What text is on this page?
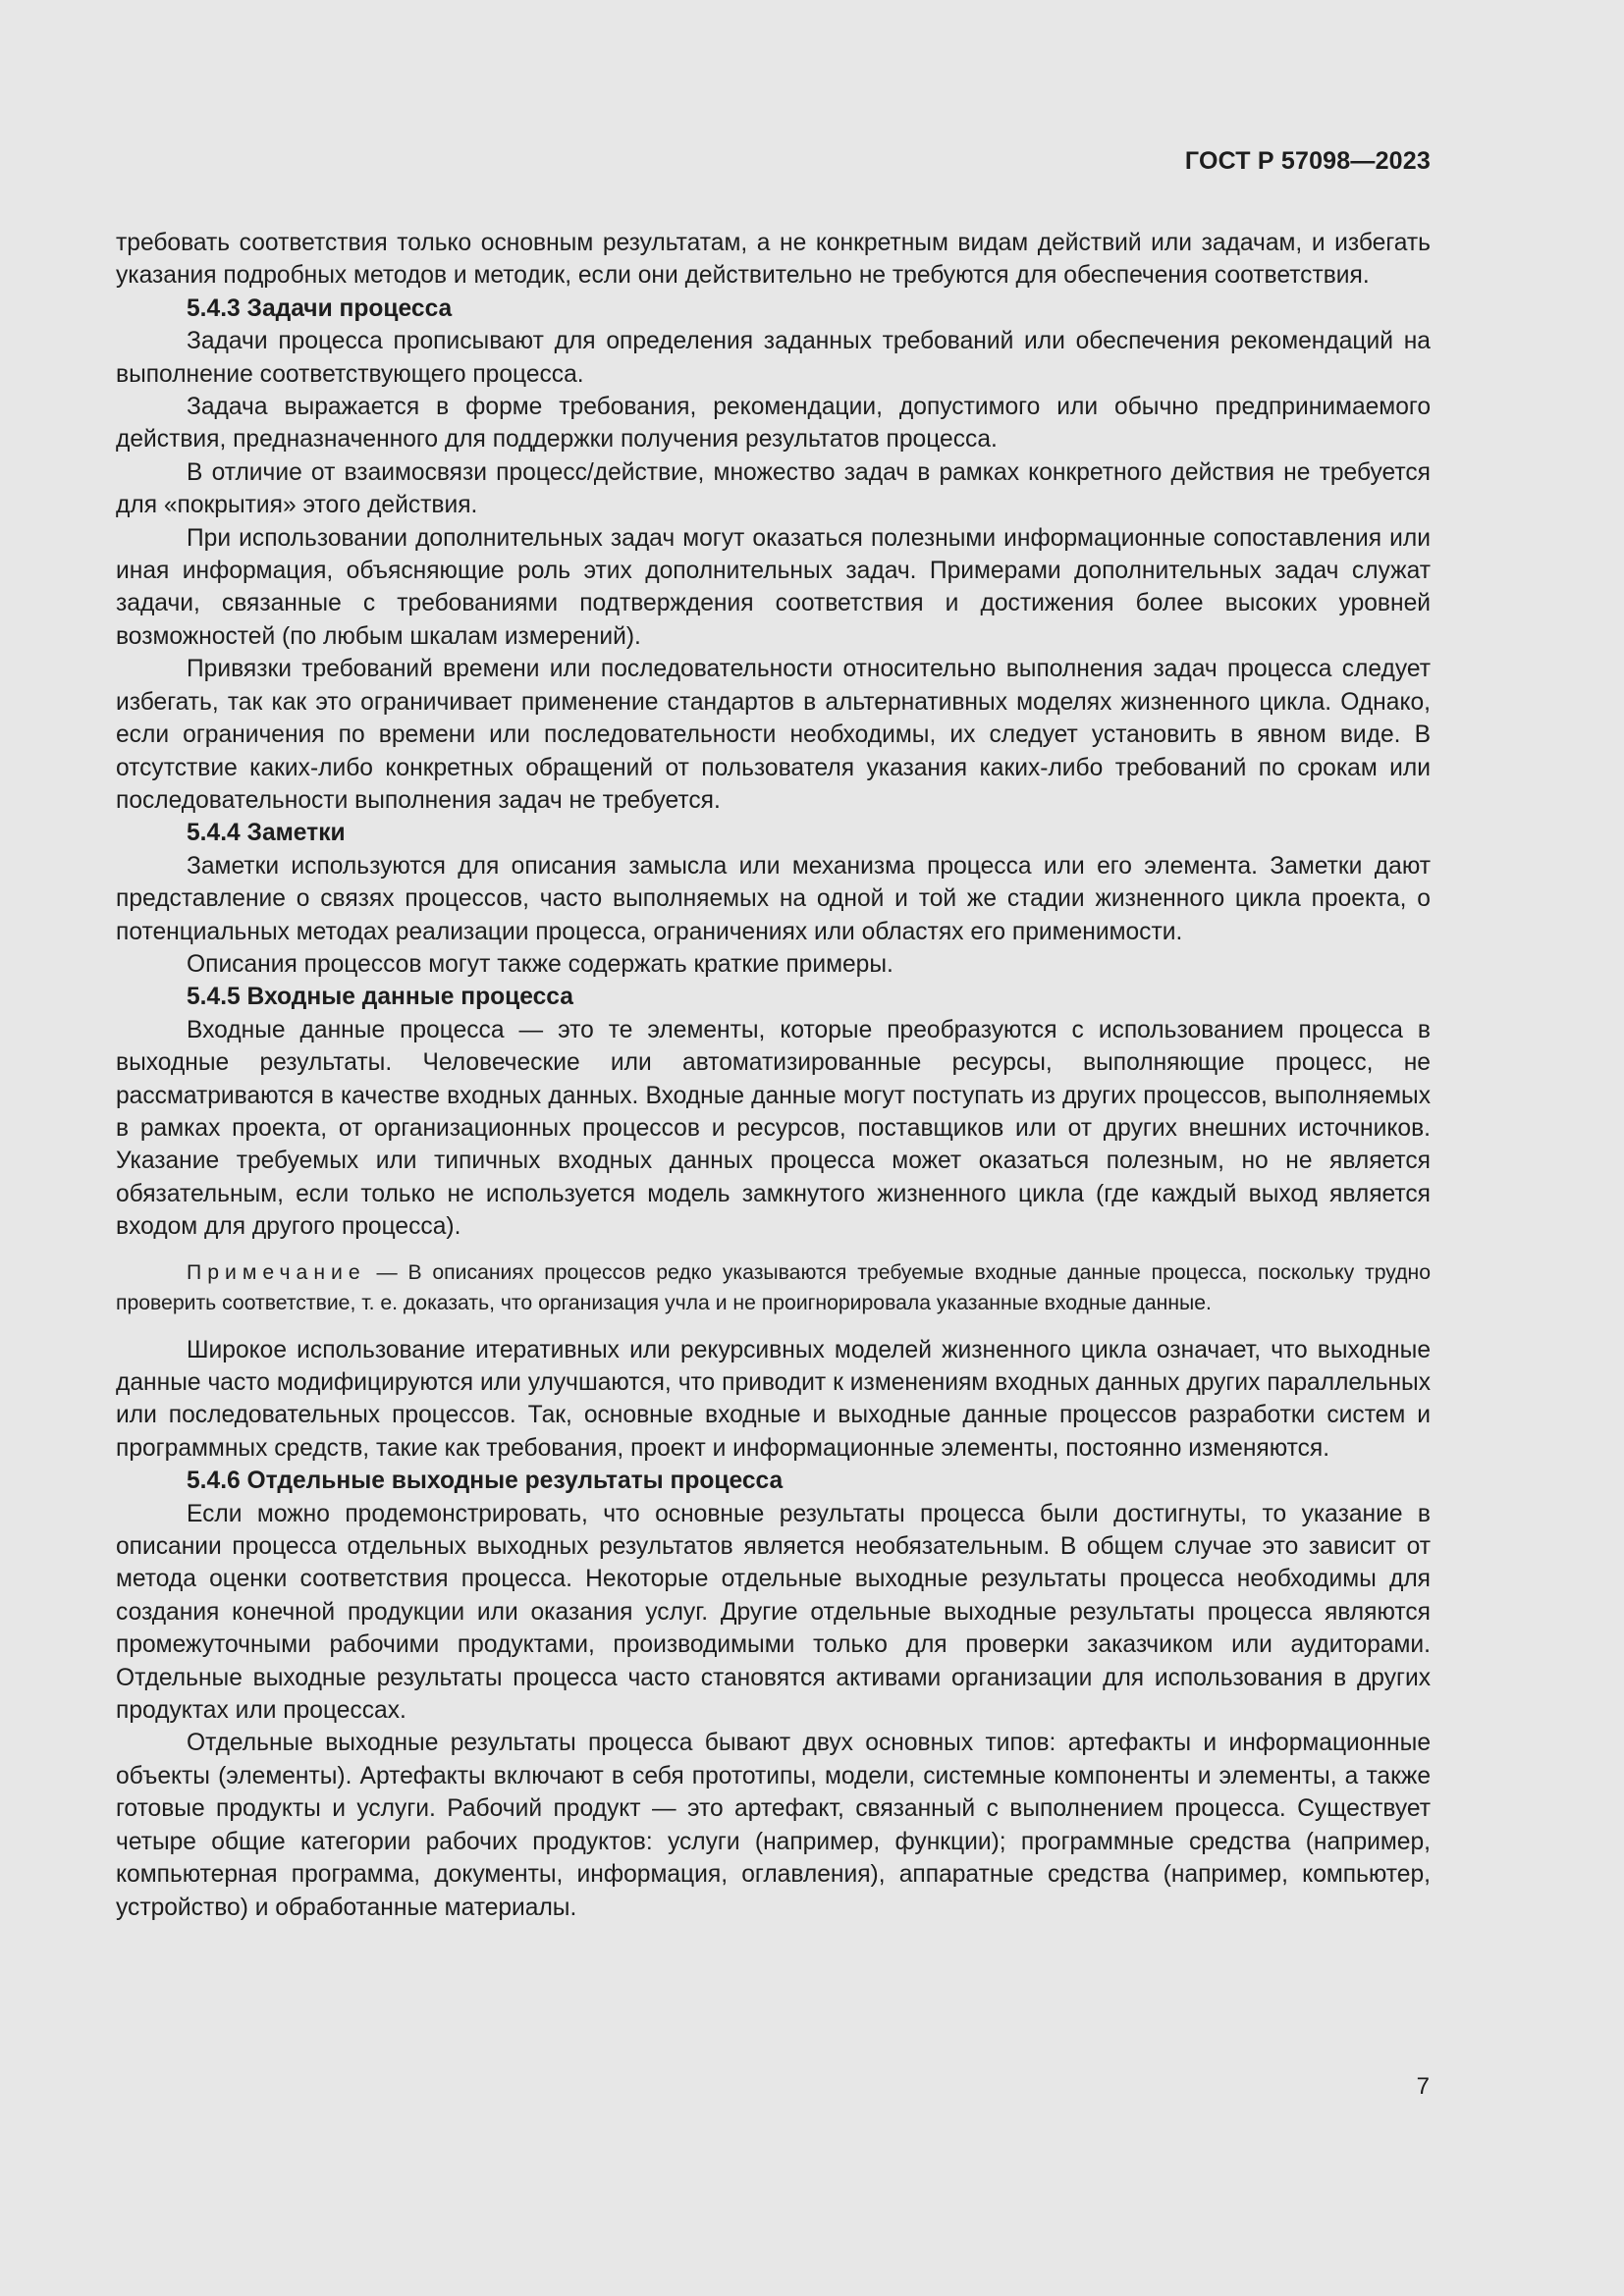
ГОСТ Р 57098—2023

требовать соответствия только основным результатам, а не конкретным видам действий или задачам, и избегать указания подробных методов и методик, если они действительно не требуются для обеспечения соответствия.

5.4.3 Задачи процесса

Задачи процесса прописывают для определения заданных требований или обеспечения рекомендаций на выполнение соответствующего процесса.

Задача выражается в форме требования, рекомендации, допустимого или обычно предпринимаемого действия, предназначенного для поддержки получения результатов процесса.

В отличие от взаимосвязи процесс/действие, множество задач в рамках конкретного действия не требуется для «покрытия» этого действия.

При использовании дополнительных задач могут оказаться полезными информационные сопоставления или иная информация, объясняющие роль этих дополнительных задач. Примерами дополнительных задач служат задачи, связанные с требованиями подтверждения соответствия и достижения более высоких уровней возможностей (по любым шкалам измерений).

Привязки требований времени или последовательности относительно выполнения задач процесса следует избегать, так как это ограничивает применение стандартов в альтернативных моделях жизненного цикла. Однако, если ограничения по времени или последовательности необходимы, их следует установить в явном виде. В отсутствие каких-либо конкретных обращений от пользователя указания каких-либо требований по срокам или последовательности выполнения задач не требуется.

5.4.4 Заметки

Заметки используются для описания замысла или механизма процесса или его элемента. Заметки дают представление о связях процессов, часто выполняемых на одной и той же стадии жизненного цикла проекта, о потенциальных методах реализации процесса, ограничениях или областях его применимости.

Описания процессов могут также содержать краткие примеры.

5.4.5 Входные данные процесса

Входные данные процесса — это те элементы, которые преобразуются с использованием процесса в выходные результаты. Человеческие или автоматизированные ресурсы, выполняющие процесс, не рассматриваются в качестве входных данных. Входные данные могут поступать из других процессов, выполняемых в рамках проекта, от организационных процессов и ресурсов, поставщиков или от других внешних источников. Указание требуемых или типичных входных данных процесса может оказаться полезным, но не является обязательным, если только не используется модель замкнутого жизненного цикла (где каждый выход является входом для другого процесса).

Примечание — В описаниях процессов редко указываются требуемые входные данные процесса, поскольку трудно проверить соответствие, т. е. доказать, что организация учла и не проигнорировала указанные входные данные.

Широкое использование итеративных или рекурсивных моделей жизненного цикла означает, что выходные данные часто модифицируются или улучшаются, что приводит к изменениям входных данных других параллельных или последовательных процессов. Так, основные входные и выходные данные процессов разработки систем и программных средств, такие как требования, проект и информационные элементы, постоянно изменяются.

5.4.6 Отдельные выходные результаты процесса

Если можно продемонстрировать, что основные результаты процесса были достигнуты, то указание в описании процесса отдельных выходных результатов является необязательным. В общем случае это зависит от метода оценки соответствия процесса. Некоторые отдельные выходные результаты процесса необходимы для создания конечной продукции или оказания услуг. Другие отдельные выходные результаты процесса являются промежуточными рабочими продуктами, производимыми только для проверки заказчиком или аудиторами. Отдельные выходные результаты процесса часто становятся активами организации для использования в других продуктах или процессах.

Отдельные выходные результаты процесса бывают двух основных типов: артефакты и информационные объекты (элементы). Артефакты включают в себя прототипы, модели, системные компоненты и элементы, а также готовые продукты и услуги. Рабочий продукт — это артефакт, связанный с выполнением процесса. Существует четыре общие категории рабочих продуктов: услуги (например, функции); программные средства (например, компьютерная программа, документы, информация, оглавления), аппаратные средства (например, компьютер, устройство) и обработанные материалы.

7
